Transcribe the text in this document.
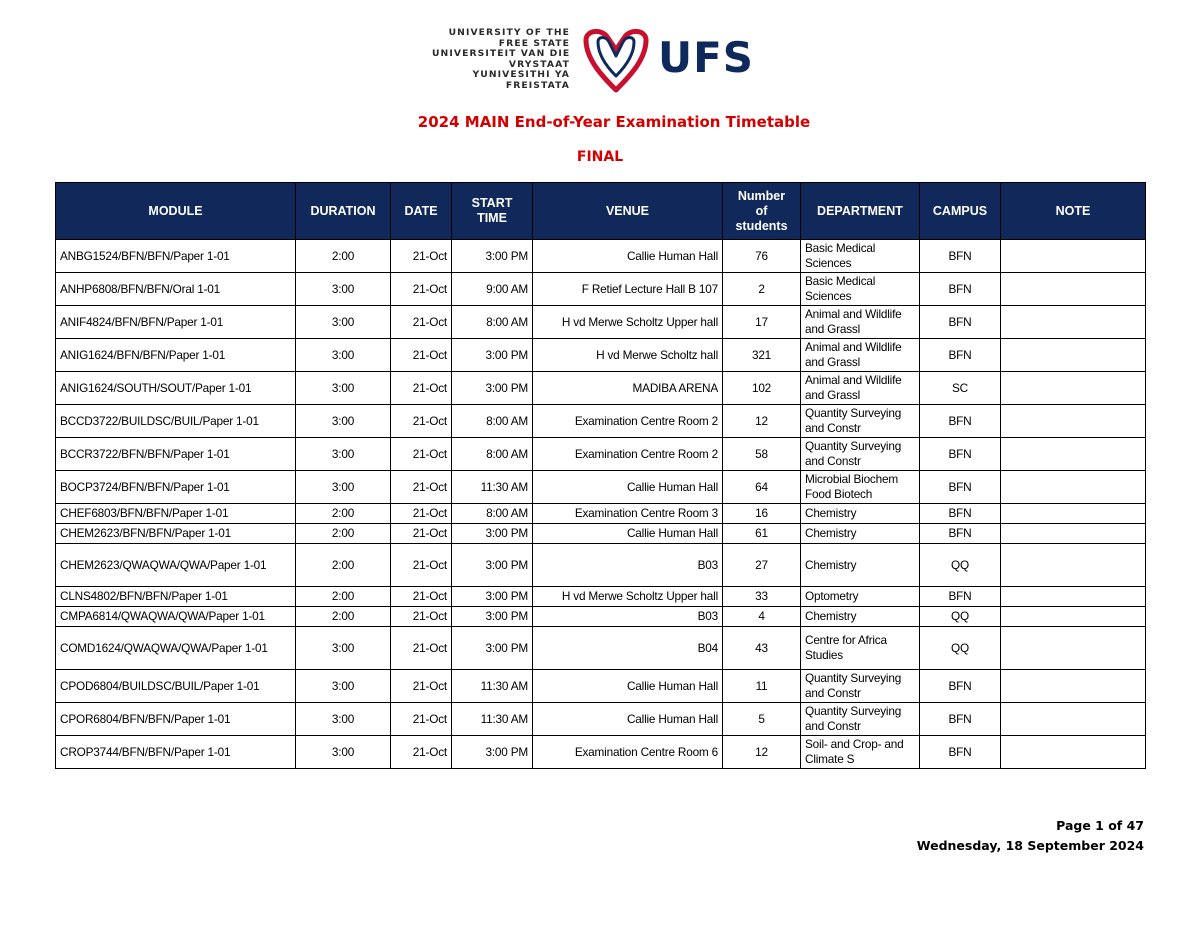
UNIVERSITY OF THE
FREE STATE
UNIVERSITEIT VAN DIE
VRYSTAAT
YUNIVESITHI YA
FREISTATA
UFS
2024 MAIN End-of-Year Examination Timetable
FINAL
MODULE	DURATION	DATE	START TIME	VENUE	Number of students	DEPARTMENT	CAMPUS	NOTE
ANBG1524/BFN/BFN/Paper 1-01	2:00	21-Oct	3:00 PM	Callie Human Hall	76	Basic Medical Sciences	BFN	
ANHP6808/BFN/BFN/Oral 1-01	3:00	21-Oct	9:00 AM	F Retief Lecture Hall B 107	2	Basic Medical Sciences	BFN	
ANIF4824/BFN/BFN/Paper 1-01	3:00	21-Oct	8:00 AM	H vd Merwe Scholtz Upper hall	17	Animal and Wildlife and Grassl	BFN	
ANIG1624/BFN/BFN/Paper 1-01	3:00	21-Oct	3:00 PM	H vd Merwe Scholtz hall	321	Animal and Wildlife and Grassl	BFN	
ANIG1624/SOUTH/SOUT/Paper 1-01	3:00	21-Oct	3:00 PM	MADIBA ARENA	102	Animal and Wildlife and Grassl	SC	
BCCD3722/BUILDSC/BUIL/Paper 1-01	3:00	21-Oct	8:00 AM	Examination Centre Room 2	12	Quantity Surveying and Constr	BFN	
BCCR3722/BFN/BFN/Paper 1-01	3:00	21-Oct	8:00 AM	Examination Centre Room 2	58	Quantity Surveying and Constr	BFN	
BOCP3724/BFN/BFN/Paper 1-01	3:00	21-Oct	11:30 AM	Callie Human Hall	64	Microbial Biochem Food Biotech	BFN	
CHEF6803/BFN/BFN/Paper 1-01	2:00	21-Oct	8:00 AM	Examination Centre Room 3	16	Chemistry	BFN	
CHEM2623/BFN/BFN/Paper 1-01	2:00	21-Oct	3:00 PM	Callie Human Hall	61	Chemistry	BFN	
CHEM2623/QWAQWA/QWA/Paper 1-01	2:00	21-Oct	3:00 PM	B03	27	Chemistry	QQ	
CLNS4802/BFN/BFN/Paper 1-01	2:00	21-Oct	3:00 PM	H vd Merwe Scholtz Upper hall	33	Optometry	BFN	
CMPA6814/QWAQWA/QWA/Paper 1-01	2:00	21-Oct	3:00 PM	B03	4	Chemistry	QQ	
COMD1624/QWAQWA/QWA/Paper 1-01	3:00	21-Oct	3:00 PM	B04	43	Centre for Africa Studies	QQ	
CPOD6804/BUILDSC/BUIL/Paper 1-01	3:00	21-Oct	11:30 AM	Callie Human Hall	11	Quantity Surveying and Constr	BFN	
CPOR6804/BFN/BFN/Paper 1-01	3:00	21-Oct	11:30 AM	Callie Human Hall	5	Quantity Surveying and Constr	BFN	
CROP3744/BFN/BFN/Paper 1-01	3:00	21-Oct	3:00 PM	Examination Centre Room 6	12	Soil- and Crop- and Climate S	BFN	
Page 1 of 47
Wednesday, 18 September 2024
